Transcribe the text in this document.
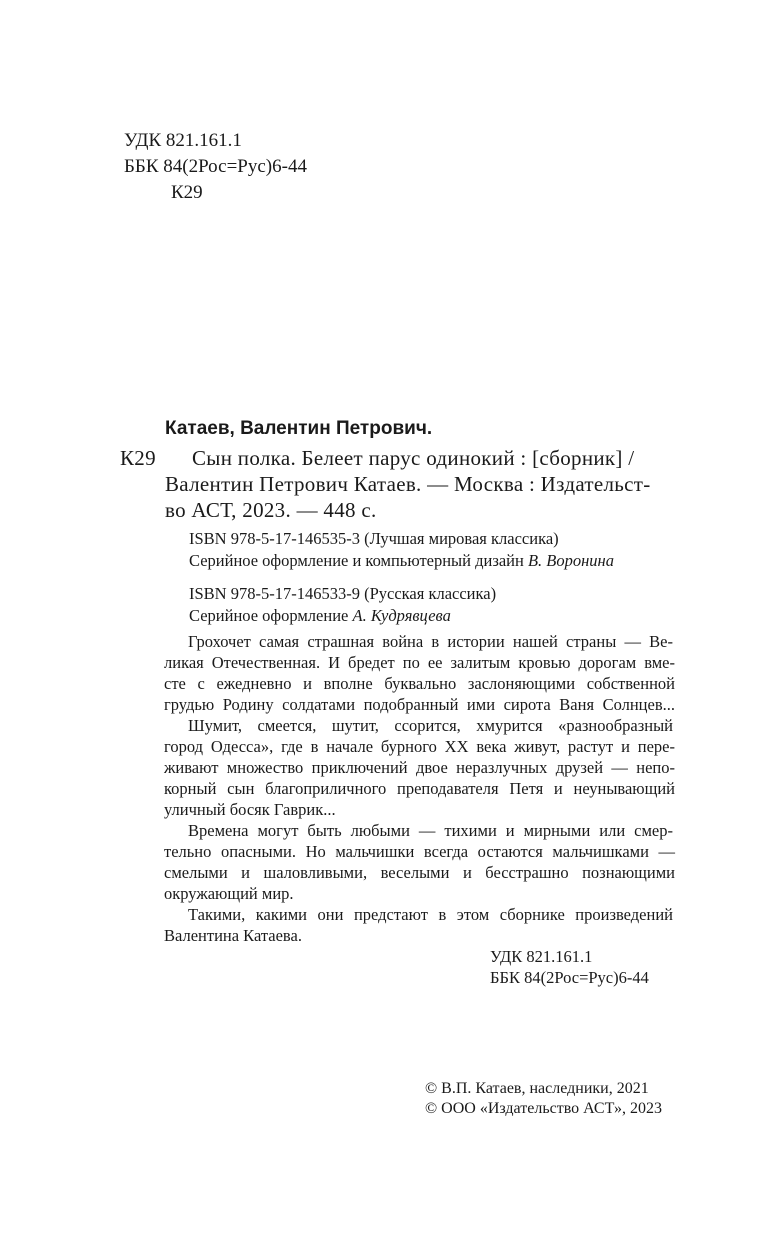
УДК 821.161.1
ББК 84(2Рос=Рус)6-44
К29
Катаев, Валентин Петрович.
К29 Сын полка. Белеет парус одинокий : [сборник] /
Валентин Петрович Катаев. — Москва : Издательст-
во АСТ, 2023. — 448 с.
ISBN 978-5-17-146535-3 (Лучшая мировая классика)
Серийное оформление и компьютерный дизайн В. Воронина
ISBN 978-5-17-146533-9 (Русская классика)
Серийное оформление А. Кудрявцева
Грохочет самая страшная война в истории нашей страны — Ве-
ликая Отечественная. И бредет по ее залитым кровью дорогам вме-
сте с ежедневно и вполне буквально заслоняющими собственной
грудью Родину солдатами подобранный ими сирота Ваня Солнцев...
Шумит, смеется, шутит, ссорится, хмурится «разнообразный
город Одесса», где в начале бурного XX века живут, растут и пере-
живают множество приключений двое неразлучных друзей — непо-
корный сын благоприличного преподавателя Петя и неунывающий
уличный босяк Гаврик...
Времена могут быть любыми — тихими и мирными или смер-
тельно опасными. Но мальчишки всегда остаются мальчишками —
смелыми и шаловливыми, веселыми и бесстрашно познающими
окружающий мир.
Такими, какими они предстают в этом сборнике произведений
Валентина Катаева.
УДК 821.161.1
ББК 84(2Рос=Рус)6-44
© В.П. Катаев, наследники, 2021
© ООО «Издательство АСТ», 2023
